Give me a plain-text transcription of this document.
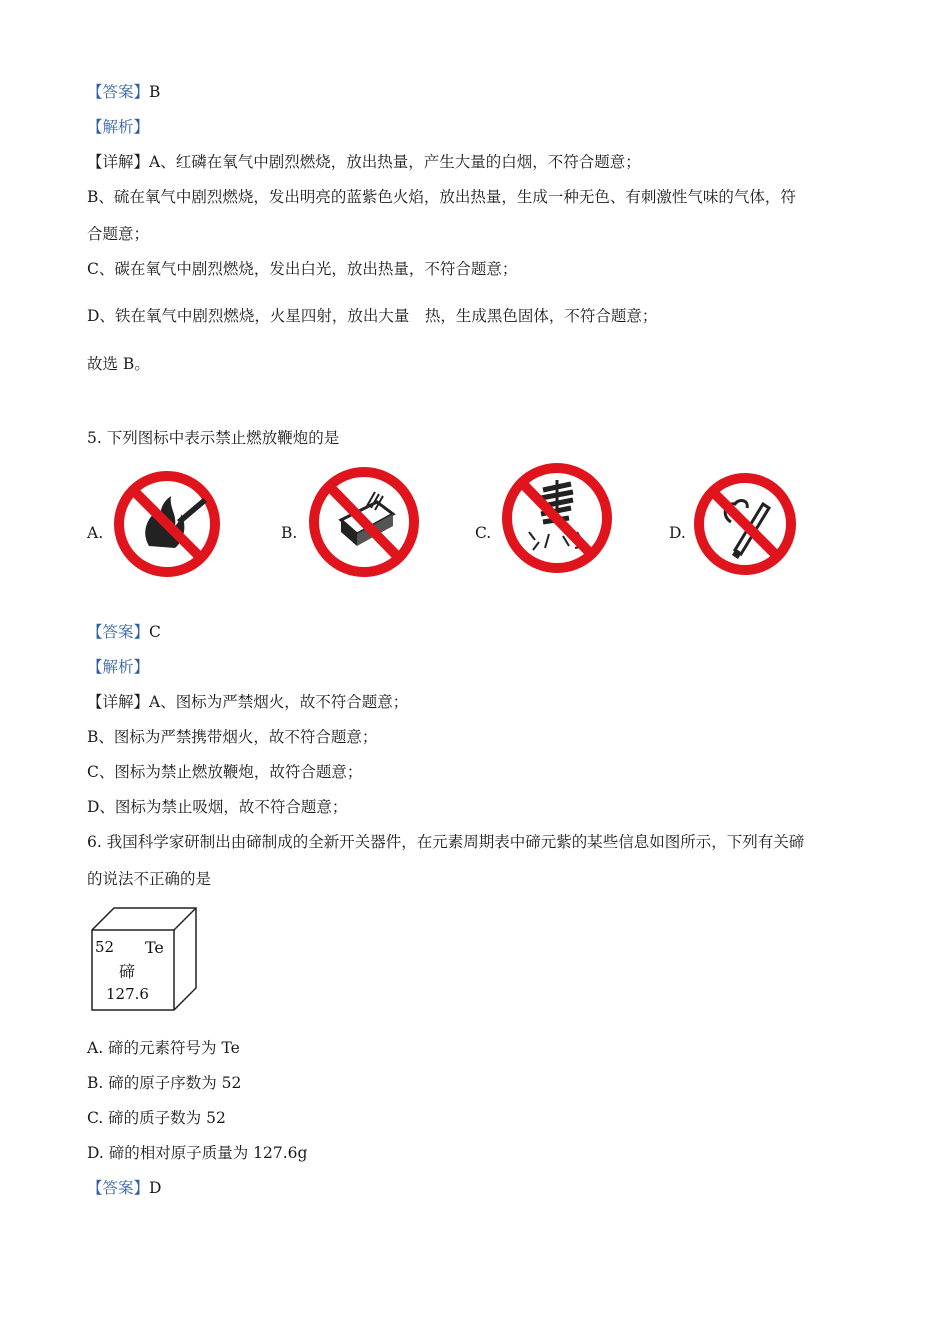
【答案】B
【解析】
【详解】A、红磷在氧气中剧烈燃烧，放出热量，产生大量的白烟，不符合题意；
B、硫在氧气中剧烈燃烧，发出明亮的蓝紫色火焰，放出热量，生成一种无色、有刺激性气味的气体，符
合题意；
C、碳在氧气中剧烈燃烧，发出白光，放出热量，不符合题意；
D、铁在氧气中剧烈燃烧，火星四射，放出大量　热，生成黑色固体，不符合题意；
故选 B。
5. 下列图标中表示禁止燃放鞭炮的是
A.	B.	C.	D.
【答案】C
【解析】
【详解】A、图标为严禁烟火，故不符合题意；
B、图标为严禁携带烟火，故不符合题意；
C、图标为禁止燃放鞭炮，故符合题意；
D、图标为禁止吸烟，故不符合题意；
6. 我国科学家研制出由碲制成的全新开关器件，在元素周期表中碲元紫的某些信息如图所示，下列有关碲
的说法不正确的是
52 Te
碲
127.6
A. 碲的元素符号为 Te
B. 碲的原子序数为 52
C. 碲的质子数为 52
D. 碲的相对原子质量为 127.6g
【答案】D
